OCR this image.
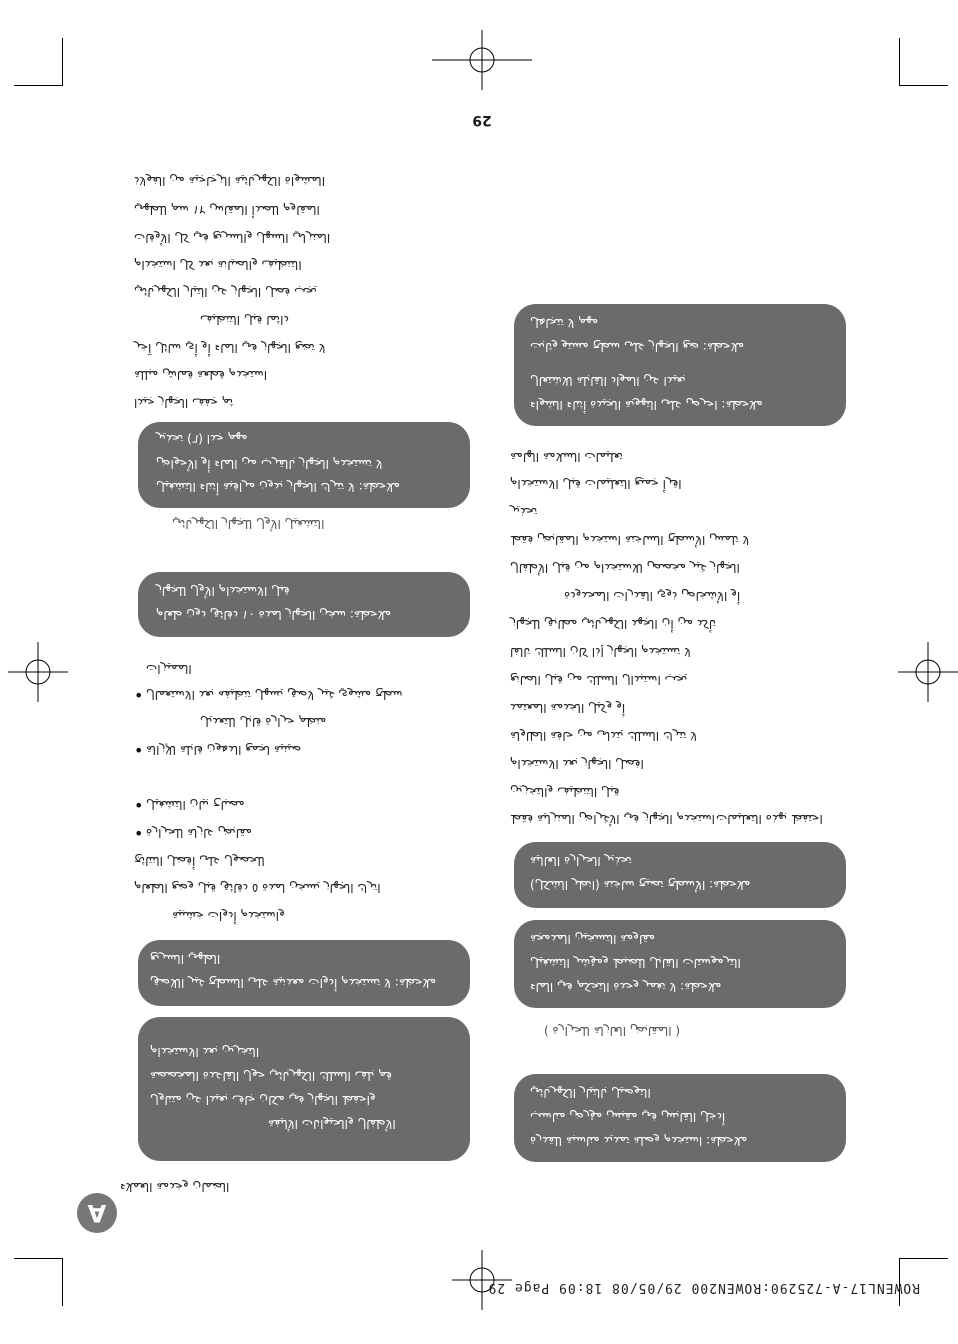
29
ﺍﻟﻤﺸﻮﺍﺓ ﺍﻟﻜﻬﺮﺑﺎﺋﻴﺔ ﺍﻟﺰﺟﺎﺟﻴﺔ ﻣﻦ ﺍﻟﻔﻮﻻﺫ
ﺍﻟﻤﻘﺎﻭﻡ ﻟﻠﺼﺪﺃ ﺍﻟﻤﻘﺎﺱ ١٢ ﺳﻢ ﻟﻠﻄﻬﻲ
ﺍﻟﻤﻨﺰﻟﻲ ﺍﻟﺴﻬﻞ ﻭﺍﻟﺴﺮﻳﻊ ﻓﻲ ﻛﻞ ﺍﻷﻭﻗﺎﺕ
ﺍﻟﺘﻨﻈﻴﻒ ﻭﺍﻟﺼﻴﺎﻧﺔ ﺑﻌﺪ ﻛﻞ ﺍﺳﺘﺨﺪﺍﻡ
ﻳﺠﺐ ﻓﺼﻞ ﺍﻟﺠﻬﺎﺯ ﻋﻦ ﺍﻟﺘﻴﺎﺭ ﺍﻟﻜﻬﺮﺑﺎﺋﻲ
ﺩﺍﺋﻤﺎ ﻗﺒﻞ ﺍﻟﺘﻨﻈﻴﻒ
ﻻ ﺗﻀﻊ ﺍﻟﺠﻬﺎﺯ ﻓﻲ ﺍﻟﻤﺎﺀ ﺃﻭ ﺃﻱ ﺳﺎﺋﻞ ﺁﺧﺮ
ﺍﺳﺘﺨﺪﻡ ﻗﻄﻌﺔ ﻗﻤﺎﺵ ﻣﺒﻠﻠﺔ
ﺛﻢ ﺟﻔﻒ ﺍﻟﺠﻬﺎﺯ ﺟﻴﺪﺍ
ﻣﻬﻢ ﺟﺪﺍ (٦) ﺗﺤﺬﻳﺮ
ﻻ ﺗﺴﺘﺨﺪﻡ ﺍﻟﺠﻬﺎﺯ ﺑﺎﻟﻘﺮﺏ ﻣﻦ ﺍﻟﻤﺎﺀ ﺃﻭ ﺍﻷﺣﻮﺍﺽ
ﻣﻼﺣﻈﺔ: ﻻ ﺗﺘﺮﻙ ﺍﻟﺠﻬﺎﺯ ﺑﺪﻭﻥ ﻣﺮﺍﻗﺒﺔ ﺃﺛﻨﺎﺀ ﺍﻟﺘﺸﻐﻴﻞ
ﺍﻟﺘﺸﻐﻴﻞ ﺍﻷﻭﻝ ﻟﻠﺠﻬﺎﺯ ﺍﻟﻜﻬﺮﺑﺎﺋﻲ
ﻗﺒﻞ ﺍﻻﺳﺘﺨﺪﺍﻡ ﺍﻷﻭﻝ ﻟﻠﺠﻬﺎﺯ
ﻣﻼﺣﻈﺔ: ﺳﺨﻦ ﺍﻟﺠﻬﺎﺯ ﻟﻤﺪﺓ ١٠ ﺩﻗﺎﺋﻖ ﺩﻭﻥ ﻃﻌﺎﻡ
ﺍﻟﻤﻤﻴﺰﺍﺕ
• ﺳﻄﺢ ﻣﺸﻮﻱ ﻏﻴﺮ ﻻﺻﻖ ﻳﺴﻬﻞ ﺗﻨﻈﻴﻔﻪ ﺑﻌﺪ ﺍﻻﺳﺘﻌﻤﺎﻝ
ﻣﻨﻈﻢ ﺣﺮﺍﺭﺓ ﻗﺎﺑﻞ ﻟﻠﺘﻌﺪﻳﻞ
• ﺻﻴﻨﻴﺔ ﻟﺠﻤﻊ ﺍﻟﺪﻫﻮﻥ ﻗﺎﺑﻠﺔ ﻟﻺﺯﺍﻟﺔ
• ﻣﺼﺒﺎﺡ ﺑﻴﺎﻥ ﺍﻟﺘﺸﻐﻴﻞ
• ﻣﻘﺎﺑﺾ ﻋﺎﺯﻟﺔ ﻟﻠﺤﺮﺍﺭﺓ
ﻟﻠﺤﺼﻮﻝ ﻋﻠﻰ ﺃﻓﻀﻞ ﺍﻟﻨﺘﺎﺋﺞ
ﺍﺗﺮﻙ ﺍﻟﺠﻬﺎﺯ ﻳﺴﺨﻦ ﻟﻤﺪﺓ ٥ ﺩﻗﺎﺋﻖ ﻗﺒﻞ ﻭﺿﻊ ﺍﻟﻄﻌﺎﻡ
ﻭﺍﺳﺘﺨﺪﻡ ﺃﺩﻭﺍﺕ ﺧﺸﺒﻴﺔ
ﺍﻟﻄﻬﻲ ﺍﻟﺴﺮﻳﻊ
ﻣﻼﺣﻈﺔ: ﻻ ﺗﺴﺘﺨﺪﻡ ﺃﺩﻭﺍﺕ ﻣﻌﺪﻧﻴﺔ ﻋﻠﻰ ﺍﻟﺴﻄﺢ ﻏﻴﺮ ﺍﻟﻼﺻﻖ
ﺍﻟﺘﺨﺰﻳﻦ ﺑﻌﺪ ﺍﻻﺳﺘﺨﺪﺍﻡ
ﻗﻢ ﺑﻠﻒ ﺍﻟﺴﻠﻚ ﺍﻟﻜﻬﺮﺑﺎﺋﻲ ﺣﻮﻝ ﺍﻟﻘﺎﻋﺪﺓ ﺍﻟﻤﺨﺼﺼﺔ
ﻭﺍﺣﻔﻆ ﺍﻟﺠﻬﺎﺯ ﻓﻲ ﻣﻜﺎﻥ ﺟﺎﻑ ﺑﻌﻴﺪﺍ ﻋﻦ ﻣﺘﻨﺎﻭﻝ
ﺍﻷﻃﻔﺎﻝ ﻭﺍﻟﺤﻴﻮﺍﻧﺎﺕ ﺍﻷﻟﻴﻔﺔ
ﺍﻟﻀﻤﺎﻥ ﻭﺧﺪﻣﺔ ﺍﻟﻌﻤﻼﺀ
A
ﻣﻬﻢ ﻻ ﺗﺘﺠﺎﻫﻞ
ﻣﻼﺣﻈﺔ: ﺿﻊ ﺍﻟﺠﻬﺎﺯ ﻋﻠﻰ ﺳﻄﺢ ﻣﺴﺘﻮ ﻭﺛﺎﺑﺖ
ﺑﻌﻴﺪﺍ ﻋﻦ ﺍﻟﻤﻮﺍﺩ ﺍﻟﻘﺎﺑﻠﺔ ﻟﻼﺷﺘﻌﺎﻝ
ﻣﻼﺣﻈﺔ: ﺍﺣﺮﺹ ﻋﻠﻰ ﺍﻟﺘﻬﻮﻳﺔ ﺍﻟﺠﻴﺪﺓ ﺃﺛﻨﺎﺀ ﺍﻟﺸﻮﺍﺀ
ﺗﻌﻠﻴﻤﺎﺕ ﺍﻟﺴﻼﻣﺔ ﺍﻟﻬﺎﻣﺔ
ﺍﻗﺮﺃ ﺟﻤﻴﻊ ﺍﻟﺘﻌﻠﻴﻤﺎﺕ ﻗﺒﻞ ﺍﻻﺳﺘﺨﺪﺍﻡ
ﺗﺤﺬﻳﺮ
ﻻ ﺗﻠﻤﺲ ﺍﻷﺳﻄﺢ ﺍﻟﺴﺎﺧﻨﺔ ﺍﺳﺘﺨﺪﻡ ﺍﻟﻤﻘﺎﺑﺾ ﻓﻘﻂ
ﺍﻟﺠﻬﺎﺯ ﻏﻴﺮ ﻣﺨﺼﺺ ﻟﻼﺳﺘﺨﺪﺍﻡ ﻣﻦ ﻗﺒﻞ ﺍﻷﻃﻔﺎﻝ
ﺃﻭ ﺍﻷﺷﺨﺎﺹ ﺫﻭﻱ ﺍﻟﻘﺪﺭﺍﺕ ﺍﻟﻤﺤﺪﻭﺩﺓ
ﺗﺄﻛﺪ ﻣﻦ ﺃﻥ ﺍﻟﺠﻬﺪ ﺍﻟﻜﻬﺮﺑﺎﺋﻲ ﻣﻄﺎﺑﻖ ﻟﻠﺠﻬﺎﺯ
ﻻ ﺗﺴﺘﺨﺪﻡ ﺍﻟﺠﻬﺎﺯ ﺇﺫﺍ ﻛﺎﻥ ﺍﻟﺴﻠﻚ ﺗﺎﻟﻔﺎ
ﻳﺠﺐ ﺍﺳﺘﺒﺪﺍﻝ ﺍﻟﺴﻠﻚ ﻣﻦ ﻗﺒﻞ ﺍﻟﺼﺎﻧﻊ
ﺃﻭ ﻭﻛﻴﻞ ﺍﻟﺨﺪﻣﺔ ﺍﻟﻤﻌﺘﻤﺪ
ﻻ ﺗﺘﺮﻙ ﺍﻟﺴﻠﻚ ﻳﺘﺪﻟﻰ ﻣﻦ ﺣﺎﻓﺔ ﺍﻟﻄﺎﻭﻟﺔ
ﺍﻓﺼﻞ ﺍﻟﺠﻬﺎﺯ ﺑﻌﺪ ﺍﻻﺳﺘﺨﺪﺍﻡ
ﻗﺒﻞ ﺍﻟﺘﻨﻈﻴﻒ ﻭﺍﻟﺘﺨﺰﻳﻦ
ﺍﺳﺘﺨﺪﻡ ﺍﻟﺠﻬﺎﺯ ﻓﻲ ﺍﻷﻏﺮﺍﺽ ﺍﻟﻤﻨﺰﻟﻴﺔ ﻓﻘﻂ ﺍﺣﺘﻔﻆ ﺑﻬﺬﻩ ﺍﻟﺘﻌﻠﻴﻤﺎﺕ
ﺗﺤﺬﻳﺮ ﺍﻟﺤﺮﺍﺭﺓ ﺍﻟﻌﺎﻟﻴﺔ
ﻣﻼﺣﻈﺔ: ﺍﻷﺳﻄﺢ ﺗﺼﺒﺢ ﺳﺎﺧﻨﺔ (ﺍﻧﻈﺮ ﺍﻟﺸﻜﻞ)
ﻣﻘﺎﻭﻣﺔ ﺍﻟﺘﺴﺨﻴﻦ ﺍﻟﻤﺪﻣﺠﺔ
ﺍﻟﺘﺮﻣﻮﺳﺘﺎﺕ ﺍﻟﻘﺎﺑﻞ ﻟﻠﻀﺒﻂ ﻭﻣﺆﺷﺮ ﺍﻟﺘﺸﻐﻴﻞ
ﻣﻼﺣﻈﺔ: ﻻ ﺗﻐﻤﺮ ﻭﺣﺪﺓ ﺍﻟﺘﺤﻜﻢ ﻓﻲ ﺍﻟﻤﺎﺀ
( ﺍﻟﻤﻘﺎﺑﺾ ﺍﻟﻌﺎﺯﻟﺔ ﻟﻠﺤﺮﺍﺭﺓ )
ﺍﻟﺘﻮﺻﻴﻞ ﺑﺎﻟﺘﻴﺎﺭ ﺍﻟﻜﻬﺮﺑﺎﺋﻲ
ﺃﺩﺧﻞ ﺍﻟﻘﺎﺑﺲ ﻓﻲ ﻣﻘﺒﺲ ﻣﺆﺭﺽ ﻣﻨﺎﺳﺐ
ﻣﻼﺣﻈﺔ: ﺍﺳﺘﺨﺪﻡ ﻭﺻﻠﺔ ﺗﻤﺪﻳﺪ ﻣﻨﺎﺳﺒﺔ ﻟﻠﻘﺪﺭﺓ
ROWENL17-A-725290:ROWEN200 29/05/08 18:09 Page 29
